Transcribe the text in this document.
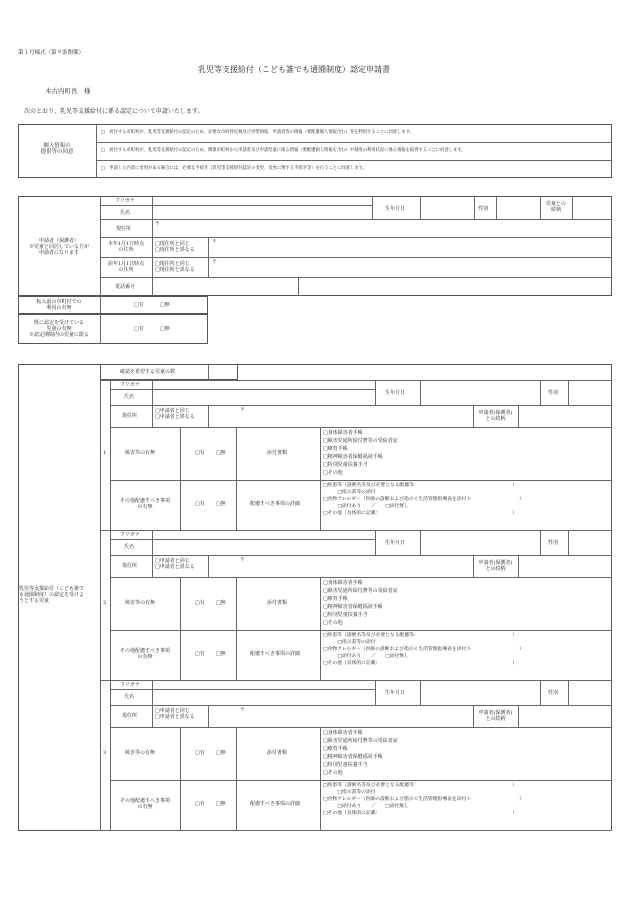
第１号様式（第９条関係）
乳児等支援給付（こども誰でも通園制度）認定申請書
木古内町長　様
次のとおり、乳児等支援給付に係る認定について申請いたします。
個人情報の
提供等の同意
□　居住する市町村が、乳児等支援給付の認定のため、必要な市町村民税及び世帯情報、申請者等の情報（要配慮個人情報含む）等を利用することに同意します。
□　居住する市町村が、乳児等支援給付の認定のため、関係市町村から申請者及び申請児童に係る情報（要配慮個人情報を含む）や制度の利用状況に係る情報を取得することに同意します。
□　申請した内容に変更がある場合には、必要な手続き（乳児等支援給付認定の変更、変更に関する手続き等）を行うことに同意します。
申請者（保護者）
※児童と同居している方が
申請者になります
フリガナ
氏名
生年月日	性別
児童との
続柄
現住所
〒
本年1月1日時点
の住所
□現住所と同じ
□現住所と異なる
〒
前年1月1日時点
の住所
□現住所と同じ
□現住所と異なる
〒
電話番号
転入前の市町村での
利用の有無	□有	□無
既に認定を受けている
児童の有無
※認定期間内の児童に限る
□有	□無
確認を希望する児童の数
乳児等支援給付（こども誰で
も通園制度）の認定を受けよ
うとする児童
1
フリガナ
氏名
生年月日	性別
現住所
□申請者と同じ
□申請者と異なる
〒	申請者(保護者)
との続柄
障害等の有無	□有 □無	添付書類
□身体障害者手帳
□障害児通所給付費等の受給者証
□療育手帳
□精神障害者保健福祉手帳
□特別児童扶養手当
□その他
その他配慮すべき事項
の有無	□有 □無	配慮すべき事項の詳細
□疾患等（診断名等及び必要となる配慮等：　　　　　　　　　　　　　　　　　　　　）
　　　□指示書等の添付
□食物アレルギー（医師の診断および指示≪生活管理指導表を添付≫　　　　　　　　　　）
　　　□添付あり　　／　　□添付無し
□その他（具体的に記載：　　　　　　　　　　　　　　　　　　　　　　　　　　　　）
2
フリガナ
氏名
生年月日	性別
現住所
□申請者と同じ
□申請者と異なる
〒	申請者(保護者)
との続柄
障害等の有無	□有 □無	添付書類
□身体障害者手帳
□障害児通所給付費等の受給者証
□療育手帳
□精神障害者保健福祉手帳
□特別児童扶養手当
□その他
その他配慮すべき事項
の有無	□有 □無	配慮すべき事項の詳細
□疾患等（診断名等及び必要となる配慮等：　　　　　　　　　　　　　　　　　　　　）
　　　□指示書等の添付
□食物アレルギー（医師の診断および指示≪生活管理指導表を添付≫　　　　　　　　　　）
　　　□添付あり　　／　　□添付無し
□その他（具体的に記載：　　　　　　　　　　　　　　　　　　　　　　　　　　　　）
3
フリガナ
氏名
生年月日	性別
現住所
□申請者と同じ
□申請者と異なる
〒	申請者(保護者)
との続柄
障害等の有無	□有 □無	添付書類
□身体障害者手帳
□障害児通所給付費等の受給者証
□療育手帳
□精神障害者保健福祉手帳
□特別児童扶養手当
□その他
その他配慮すべき事項
の有無	□有 □無	配慮すべき事項の詳細
□疾患等（診断名等及び必要となる配慮等：　　　　　　　　　　　　　　　　　　　　）
　　　□指示書等の添付
□食物アレルギー（医師の診断および指示≪生活管理指導表を添付≫　　　　　　　　　　）
　　　□添付あり　　／　　□添付無し
□その他（具体的に記載：　　　　　　　　　　　　　　　　　　　　　　　　　　　　）
